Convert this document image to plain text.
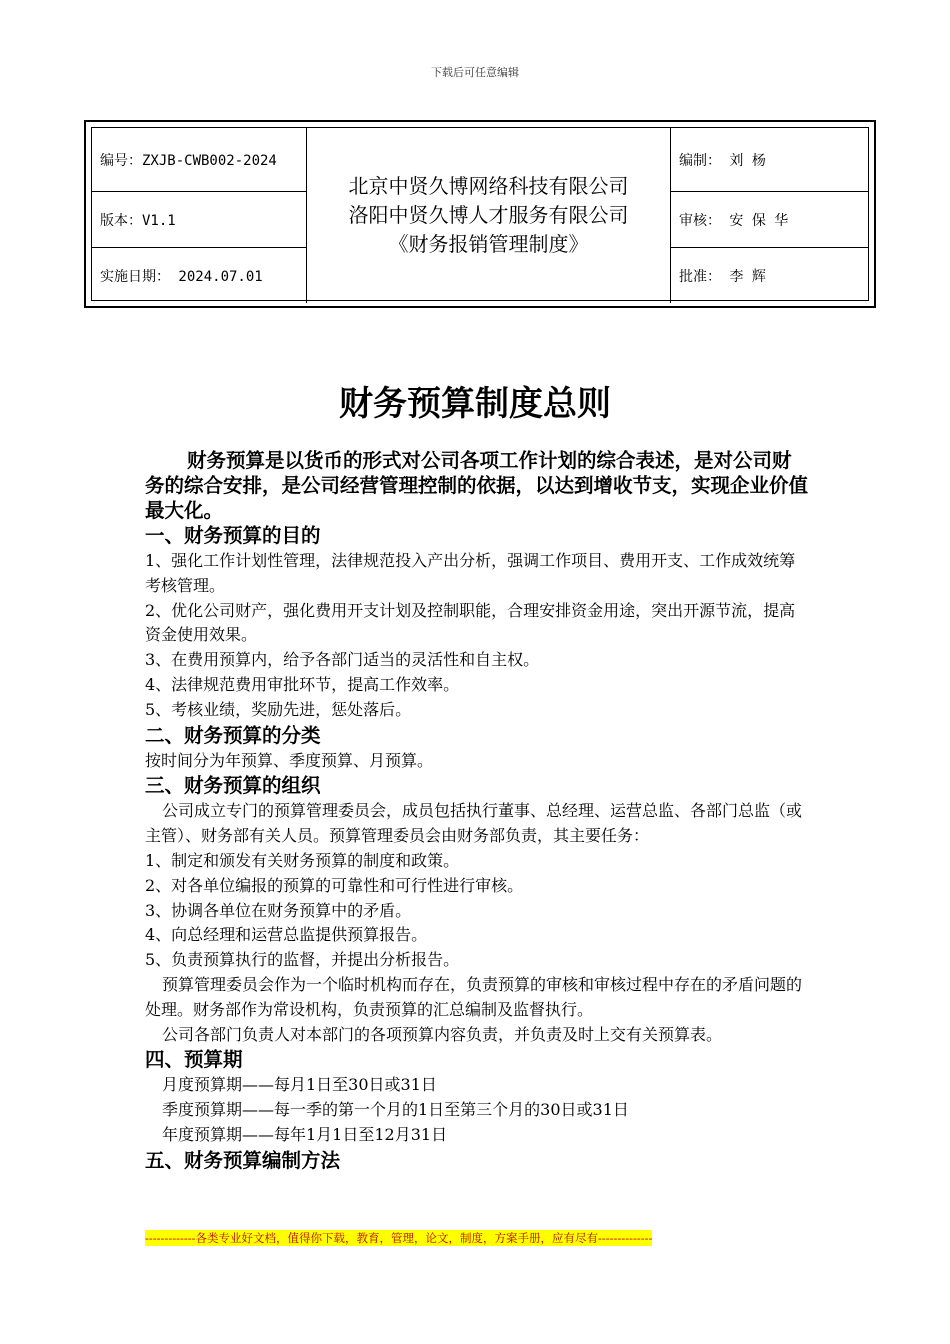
下载后可任意编辑
编号：ZXJB-CWB002-2024
北京中贤久博网络科技有限公司
洛阳中贤久博人才服务有限公司
《财务报销管理制度》
编制： 刘 杨
版本：V1.1	审核： 安 保 华
实施日期： 2024.07.01	批准： 李 辉
财务预算制度总则

财务预算是以货币的形式对公司各项工作计划的综合表述，是对公司财务的综合安排，是公司经营管理控制的依据，以达到增收节支，实现企业价值最大化。

一、财务预算的目的

1、强化工作计划性管理，法律规范投入产出分析，强调工作项目、费用开支、工作成效统筹考核管理。

2、优化公司财产，强化费用开支计划及控制职能，合理安排资金用途，突出开源节流，提高资金使用效果。

3、在费用预算内，给予各部门适当的灵活性和自主权。

4、法律规范费用审批环节，提高工作效率。

5、考核业绩，奖励先进，惩处落后。

二、财务预算的分类

按时间分为年预算、季度预算、月预算。

三、财务预算的组织

公司成立专门的预算管理委员会，成员包括执行董事、总经理、运营总监、各部门总监（或主管）、财务部有关人员。预算管理委员会由财务部负责，其主要任务：

1、制定和颁发有关财务预算的制度和政策。

2、对各单位编报的预算的可靠性和可行性进行审核。

3、协调各单位在财务预算中的矛盾。

4、向总经理和运营总监提供预算报告。

5、负责预算执行的监督，并提出分析报告。

预算管理委员会作为一个临时机构而存在，负责预算的审核和审核过程中存在的矛盾问题的处理。财务部作为常设机构，负责预算的汇总编制及监督执行。

公司各部门负责人对本部门的各项预算内容负责，并负责及时上交有关预算表。

四、预算期

月度预算期——每月1日至30日或31日

季度预算期——每一季的第一个月的1日至第三个月的30日或31日

年度预算期——每年1月1日至12月31日

五、财务预算编制方法
-------------各类专业好文档，值得你下载，教育，管理，论文，制度，方案手册，应有尽有--------------
